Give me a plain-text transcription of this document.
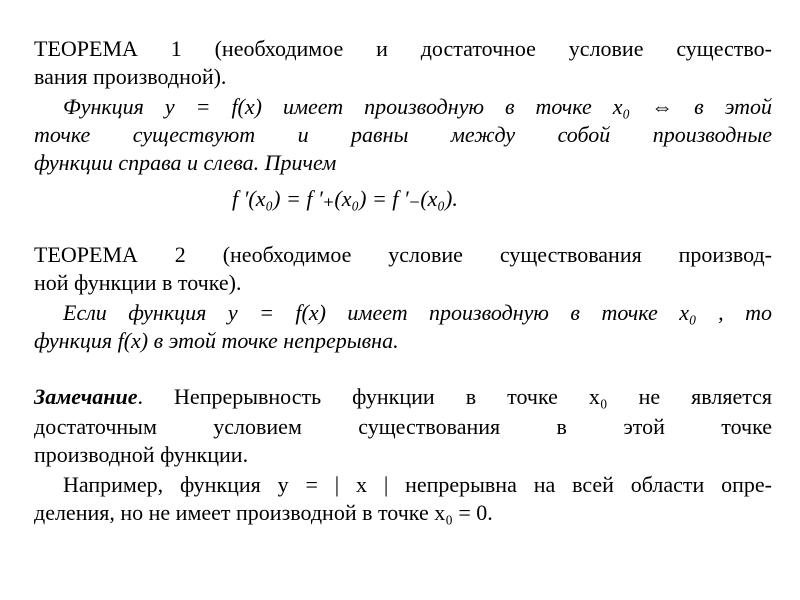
ТЕОРЕМА 1 (необходимое и достаточное условие существо-
вания производной).
Функция y = f(x) имеет производную в точке x₀ ⇔ в этой
точке существуют и равны между собой производные
функции справа и слева. Причем
f ′(x₀) = f ′₊(x₀) = f ′₋(x₀).
ТЕОРЕМА 2 (необходимое условие существования производ-
ной функции в точке).
Если функция y = f(x) имеет производную в точке x₀ , то
функция f(x) в этой точке непрерывна.
Замечание. Непрерывность функции в точке x₀ не является
достаточным условием существования в этой точке
производной функции.
Например, функция y = | x | непрерывна на всей области опре-
деления, но не имеет производной в точке x₀ = 0.
